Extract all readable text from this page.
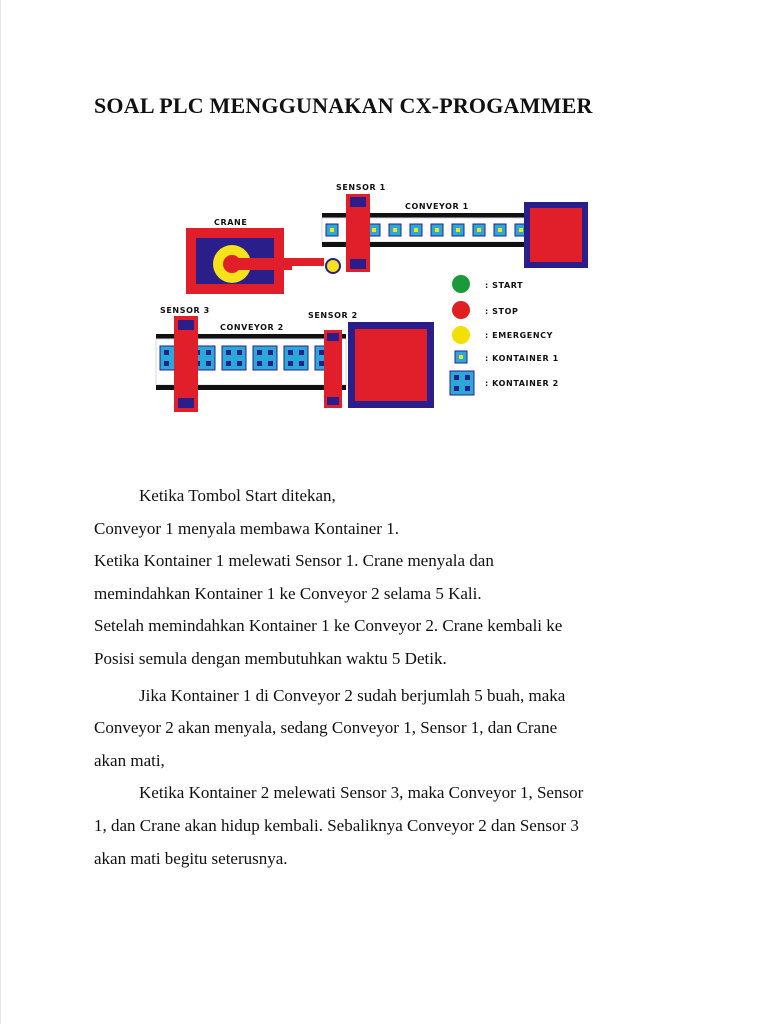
SOAL PLC MENGGUNAKAN CX-PROGAMMER
SENSOR 1
CONVEYOR 1
CRANE
SENSOR 3
CONVEYOR 2
SENSOR 2
: START
: STOP
: EMERGENCY
: KONTAINER 1
: KONTAINER 2

Ketika Tombol Start ditekan,

Conveyor 1 menyala membawa Kontainer 1.

Ketika Kontainer 1 melewati Sensor 1. Crane menyala dan

memindahkan Kontainer 1 ke Conveyor 2 selama 5 Kali.

Setelah memindahkan Kontainer 1 ke Conveyor 2. Crane kembali ke

Posisi semula dengan membutuhkan waktu 5 Detik.

Jika Kontainer 1 di Conveyor 2 sudah berjumlah 5 buah, maka

Conveyor 2 akan menyala, sedang Conveyor 1, Sensor 1, dan Crane

akan mati,

Ketika Kontainer 2 melewati Sensor 3, maka Conveyor 1, Sensor

1, dan Crane akan hidup kembali. Sebaliknya Conveyor 2 dan Sensor 3

akan mati begitu seterusnya.
